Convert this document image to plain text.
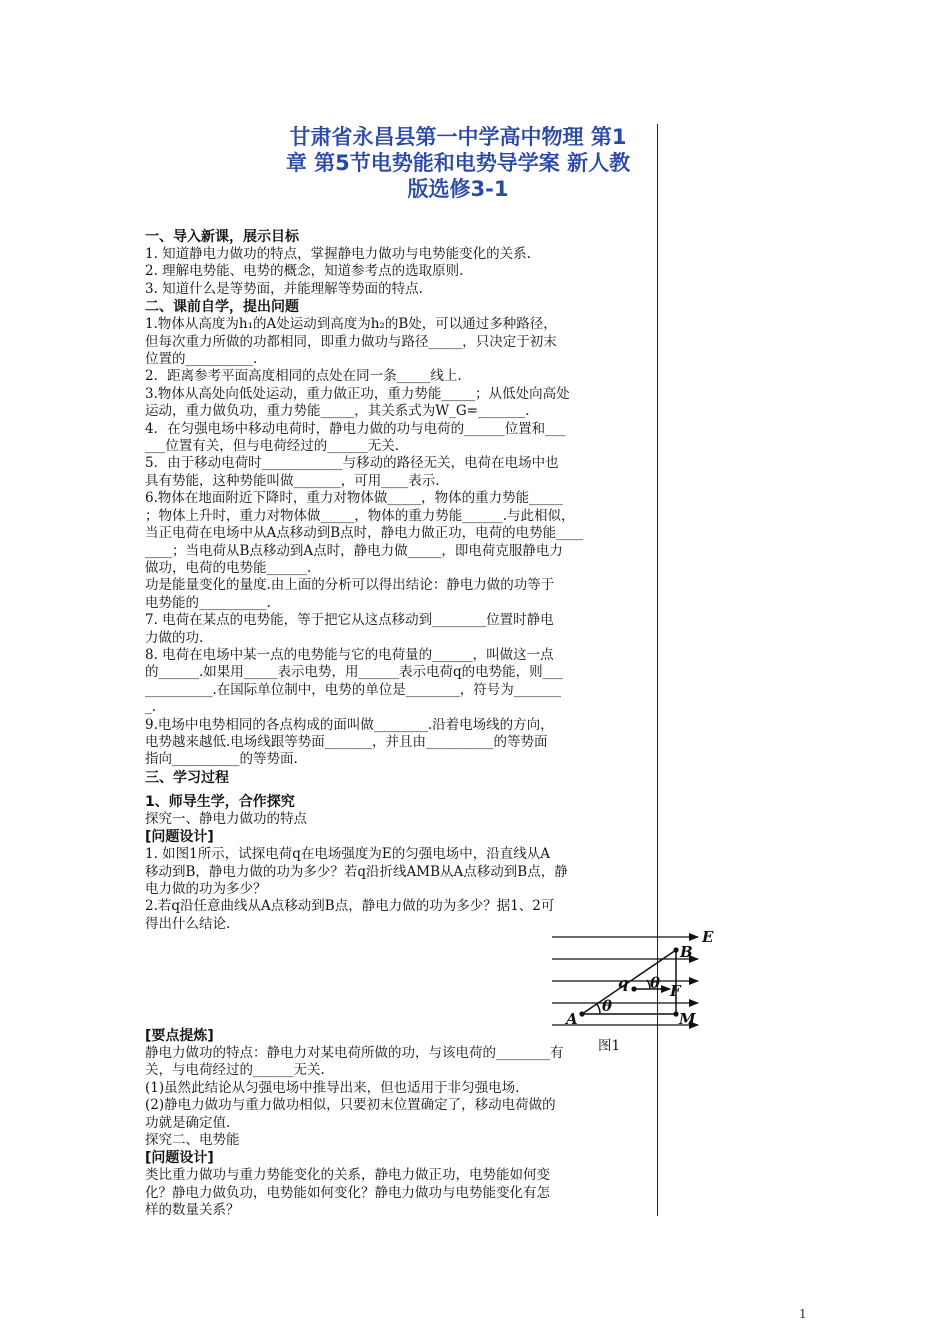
甘肃省永昌县第一中学高中物理 第1
章 第5节电势能和电势导学案 新人教
版选修3-1
一、导入新课，展示目标
1. 知道静电力做功的特点，掌握静电力做功与电势能变化的关系.
2. 理解电势能、电势的概念，知道参考点的选取原则.
3. 知道什么是等势面，并能理解等势面的特点.
二、课前自学，提出问题
1.物体从高度为h₁的A处运动到高度为h₂的B处，可以通过多种路径，
但每次重力所做的功都相同，即重力做功与路径_____，只决定于初末
位置的__________.
2．距离参考平面高度相同的点处在同一条_____线上.
3.物体从高处向低处运动，重力做正功，重力势能_____；从低处向高处
运动，重力做负功，重力势能_____，其关系式为W_G=_______.
4．在匀强电场中移动电荷时，静电力做的功与电荷的______位置和___
___位置有关，但与电荷经过的______无关.
5．由于移动电荷时____________与移动的路径无关，电荷在电场中也
具有势能，这种势能叫做_______，可用____表示.
6.物体在地面附近下降时，重力对物体做_____，物体的重力势能_____
；物体上升时，重力对物体做_____，物体的重力势能______.与此相似，
当正电荷在电场中从A点移动到B点时，静电力做正功，电荷的电势能____
____；当电荷从B点移动到A点时，静电力做_____，即电荷克服静电力
做功，电荷的电势能______.
功是能量变化的量度.由上面的分析可以得出结论：静电力做的功等于
电势能的__________.
7. 电荷在某点的电势能，等于把它从这点移动到________位置时静电
力做的功.
8. 电荷在电场中某一点的电势能与它的电荷量的______，叫做这一点
的______.如果用_____表示电势，用______表示电荷q的电势能，则___
__________.在国际单位制中，电势的单位是________，符号为_______
_.
9.电场中电势相同的各点构成的面叫做________.沿着电场线的方向，
电势越来越低.电场线跟等势面_______，并且由__________的等势面
指向__________的等势面.
三、学习过程
1、师导生学，合作探究
探究一、静电力做功的特点
[问题设计]
1. 如图1所示，试探电荷q在电场强度为E的匀强电场中，沿直线从A
移动到B，静电力做的功为多少？若q沿折线AMB从A点移动到B点，静
电力做的功为多少？
2.若q沿任意曲线从A点移动到B点，静电力做的功为多少？据1、2可
得出什么结论.
[要点提炼]
静电力做功的特点：静电力对某电荷所做的功，与该电荷的________有
关，与电荷经过的______无关.
(1)虽然此结论从匀强电场中推导出来，但也适用于非匀强电场.
(2)静电力做功与重力做功相似，只要初末位置确定了，移动电荷做的
功就是确定值.
探究二、电势能
[问题设计]
类比重力做功与重力势能变化的关系，静电力做正功，电势能如何变
化？静电力做负功，电势能如何变化？静电力做功与电势能变化有怎
样的数量关系？
E
B
q θ F
θ
A	M
图1
1
